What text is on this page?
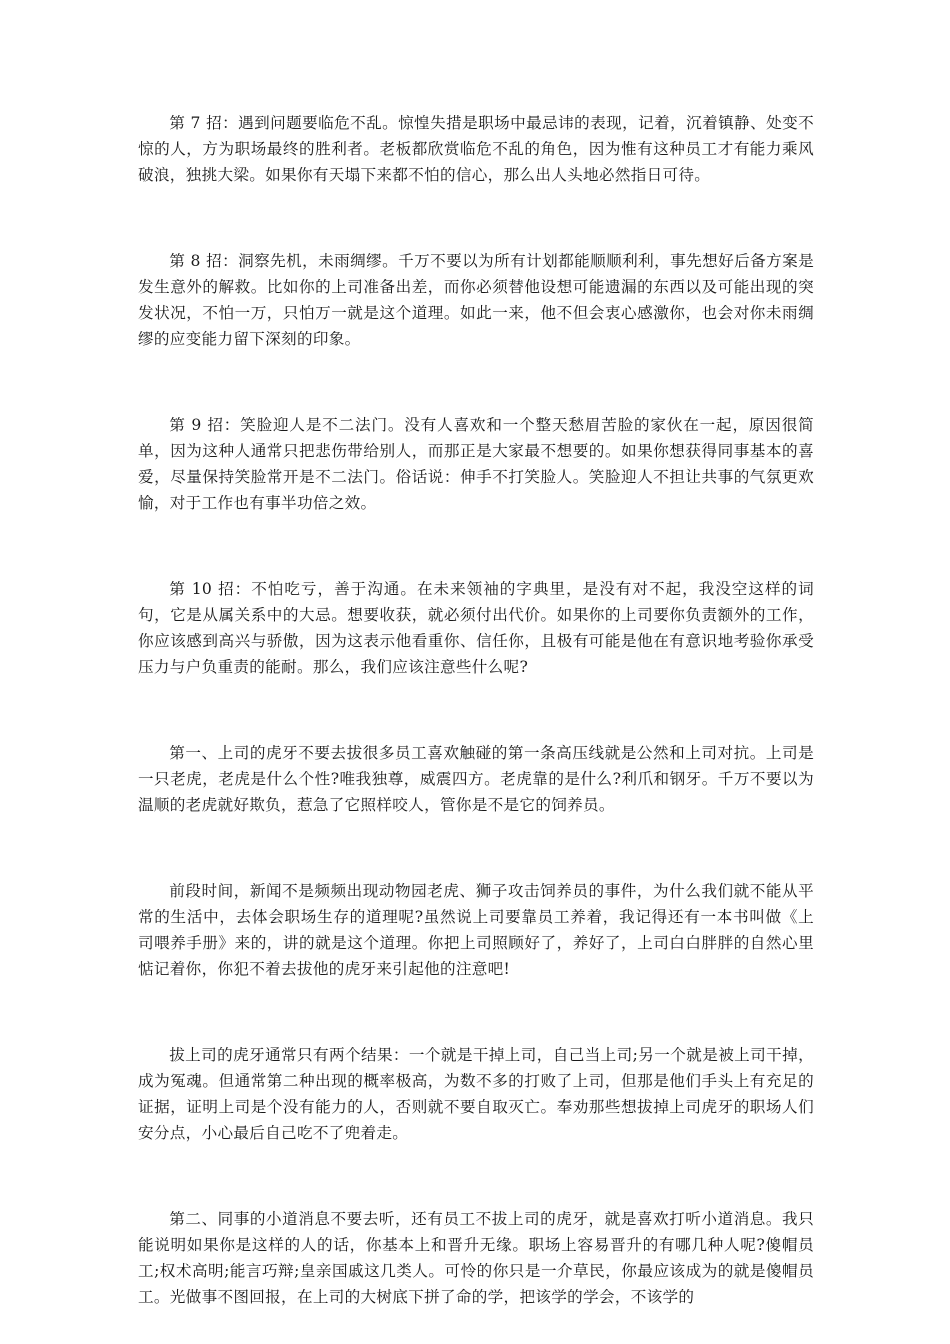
第 7 招：遇到问题要临危不乱。惊惶失措是职场中最忌讳的表现，记着，沉着镇静、处变不惊的人，方为职场最终的胜利者。老板都欣赏临危不乱的角色，因为惟有这种员工才有能力乘风破浪，独挑大梁。如果你有天塌下来都不怕的信心，那么出人头地必然指日可待。

第 8 招：洞察先机，未雨绸缪。千万不要以为所有计划都能顺顺利利，事先想好后备方案是发生意外的解救。比如你的上司准备出差，而你必须替他设想可能遗漏的东西以及可能出现的突发状况，不怕一万，只怕万一就是这个道理。如此一来，他不但会衷心感激你，也会对你未雨绸缪的应变能力留下深刻的印象。

第 9 招：笑脸迎人是不二法门。没有人喜欢和一个整天愁眉苦脸的家伙在一起，原因很简单，因为这种人通常只把悲伤带给别人，而那正是大家最不想要的。如果你想获得同事基本的喜爱，尽量保持笑脸常开是不二法门。俗话说：伸手不打笑脸人。笑脸迎人不担让共事的气氛更欢愉，对于工作也有事半功倍之效。

第 10 招：不怕吃亏，善于沟通。在未来领袖的字典里，是没有对不起，我没空这样的词句，它是从属关系中的大忌。想要收获，就必须付出代价。如果你的上司要你负责额外的工作，你应该感到高兴与骄傲，因为这表示他看重你、信任你，且极有可能是他在有意识地考验你承受压力与户负重责的能耐。那么，我们应该注意些什么呢?

第一、上司的虎牙不要去拔很多员工喜欢触碰的第一条高压线就是公然和上司对抗。上司是一只老虎，老虎是什么个性?唯我独尊，威震四方。老虎靠的是什么?利爪和钢牙。千万不要以为温顺的老虎就好欺负，惹急了它照样咬人，管你是不是它的饲养员。

前段时间，新闻不是频频出现动物园老虎、狮子攻击饲养员的事件，为什么我们就不能从平常的生活中，去体会职场生存的道理呢?虽然说上司要靠员工养着，我记得还有一本书叫做《上司喂养手册》来的，讲的就是这个道理。你把上司照顾好了，养好了，上司白白胖胖的自然心里惦记着你，你犯不着去拔他的虎牙来引起他的注意吧!

拔上司的虎牙通常只有两个结果：一个就是干掉上司，自己当上司;另一个就是被上司干掉，成为冤魂。但通常第二种出现的概率极高，为数不多的打败了上司，但那是他们手头上有充足的证据，证明上司是个没有能力的人，否则就不要自取灭亡。奉劝那些想拔掉上司虎牙的职场人们安分点，小心最后自己吃不了兜着走。

第二、同事的小道消息不要去听，还有员工不拔上司的虎牙，就是喜欢打听小道消息。我只能说明如果你是这样的人的话，你基本上和晋升无缘。职场上容易晋升的有哪几种人呢?傻帽员工;权术高明;能言巧辩;皇亲国戚这几类人。可怜的你只是一介草民，你最应该成为的就是傻帽员工。光做事不图回报，在上司的大树底下拼了命的学，把该学的学会，不该学的
